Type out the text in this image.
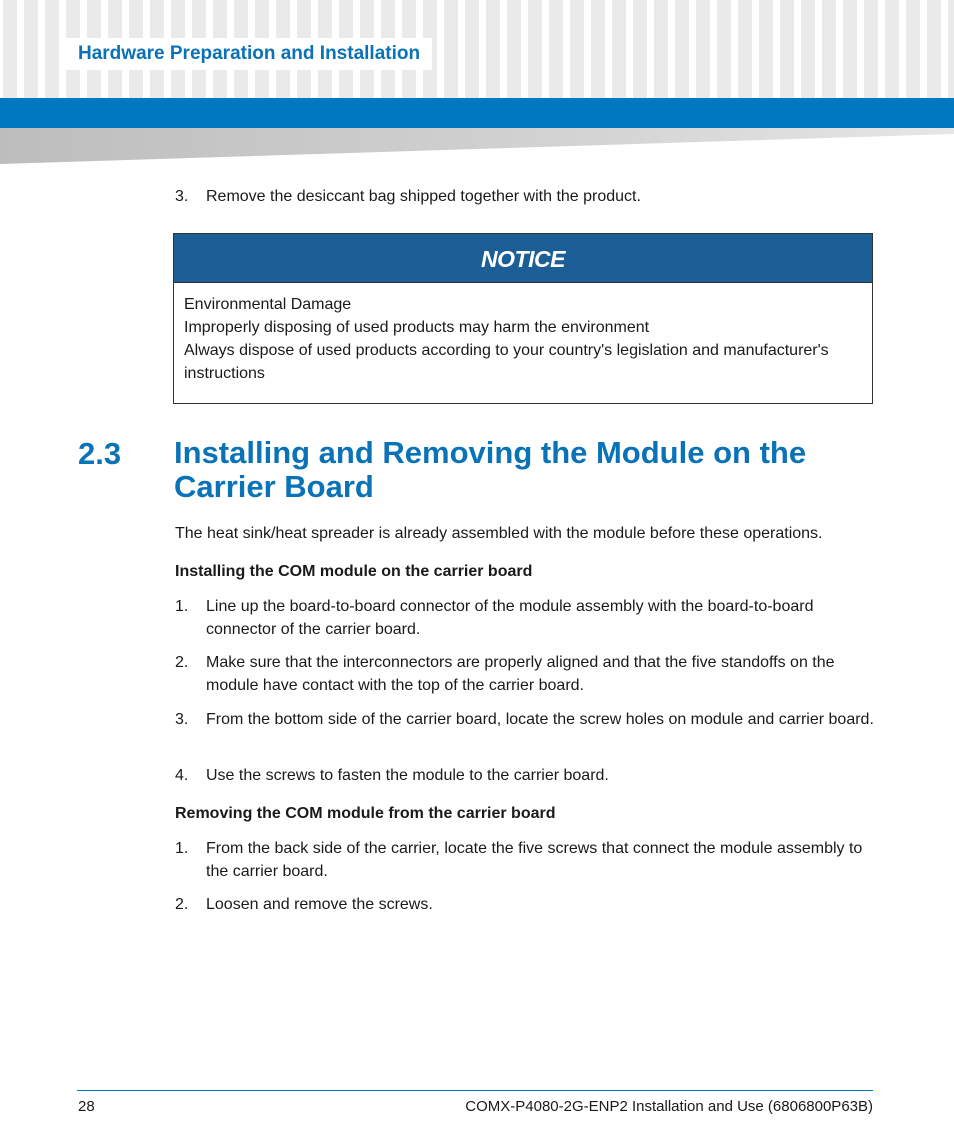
Hardware Preparation and Installation
3. Remove the desiccant bag shipped together with the product.
NOTICE
Environmental Damage
Improperly disposing of used products may harm the environment
Always dispose of used products according to your country's legislation and manufacturer's instructions
2.3 Installing and Removing the Module on the Carrier Board
The heat sink/heat spreader is already assembled with the module before these operations.
Installing the COM module on the carrier board
1. Line up the board-to-board connector of the module assembly with the board-to-board connector of the carrier board.
2. Make sure that the interconnectors are properly aligned and that the five standoffs on the module have contact with the top of the carrier board.
3. From the bottom side of the carrier board, locate the screw holes on module and carrier board.
4. Use the screws to fasten the module to the carrier board.
Removing the COM module from the carrier board
1. From the back side of the carrier, locate the five screws that connect the module assembly to the carrier board.
2. Loosen and remove the screws.
28	COMX-P4080-2G-ENP2 Installation and Use (6806800P63B)
